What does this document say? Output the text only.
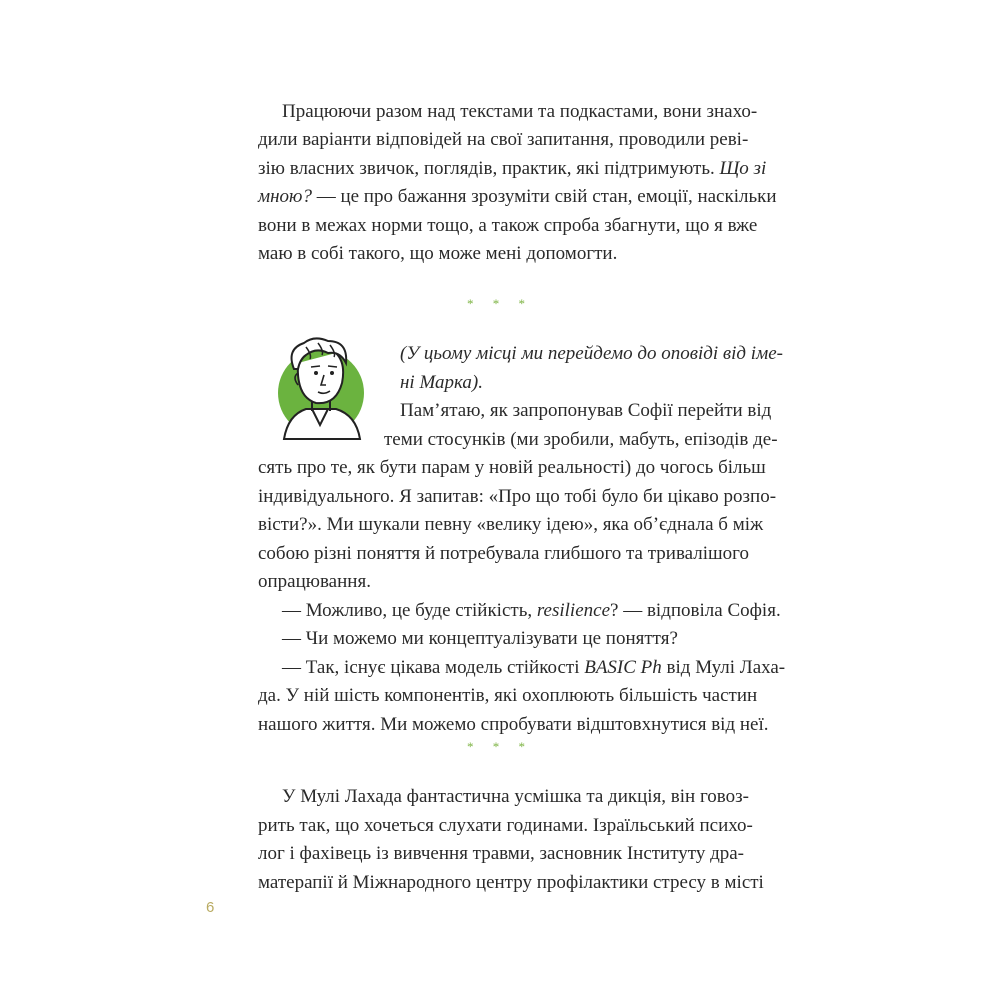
Працюючи разом над текстами та подкастами, вони знахо-
дили варіанти відповідей на свої запитання, проводили реві-
зію власних звичок, поглядів, практик, які підтримують. Що зі
мною? — це про бажання зрозуміти свій стан, емоції, наскільки
вони в межах норми тощо, а також спроба збагнути, що я вже
маю в собі такого, що може мені допомогти.
* * *
(У цьому місці ми перейдемо до оповіді від іме-
ні Марка).
Пам’ятаю, як запропонував Софії перейти від
теми стосунків (ми зробили, мабуть, епізодів де-
сять про те, як бути парам у новій реальності) до чогось більш
індивідуального. Я запитав: «Про що тобі було би цікаво розпо-
вісти?». Ми шукали певну «велику ідею», яка об’єднала б між
собою різні поняття й потребувала глибшого та тривалішого
опрацювання.
— Можливо, це буде стійкість, resilience? — відповіла Софія.
— Чи можемо ми концептуалізувати це поняття?
— Так, існує цікава модель стійкості BASIC Ph від Мулі Лаха-
да. У ній шість компонентів, які охоплюють більшість частин
нашого життя. Ми можемо спробувати відштовхнутися від неї.
* * *
У Мулі Лахада фантастична усмішка та дикція, він говоз-
рить так, що хочеться слухати годинами. Ізраїльський психо-
лог і фахівець із вивчення травми, засновник Інституту дра-
матерапії й Міжнародного центру профілактики стресу в місті
6
